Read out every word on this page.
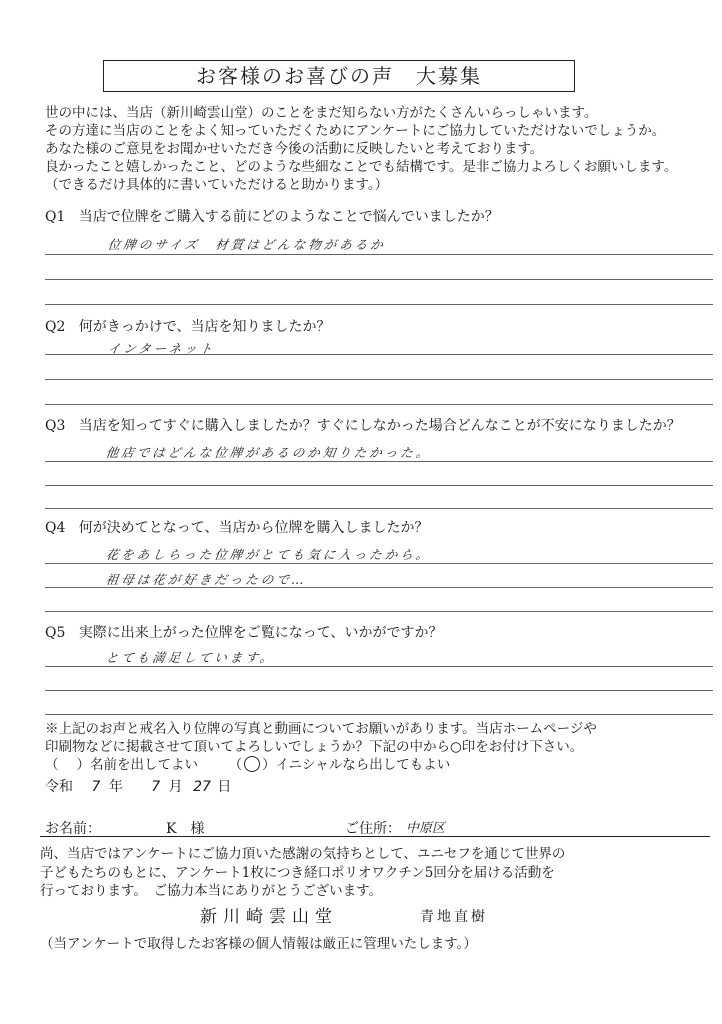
お客様のお喜びの声　大募集
世の中には、当店（新川崎雲山堂）のことをまだ知らない方がたくさんいらっしゃいます。
その方達に当店のことをよく知っていただくためにアンケートにご協力していただけないでしょうか。
あなた様のご意見をお聞かせいただき今後の活動に反映したいと考えております。
良かったこと嬉しかったこと、どのような些細なことでも結構です。是非ご協力よろしくお願いします。
（できるだけ具体的に書いていただけると助かります。）
Q1 当店で位牌をご購入する前にどのようなことで悩んでいましたか？
位牌のサイズ　材質はどんな物があるか
Q2 何がきっかけで、当店を知りましたか？
インターネット
Q3 当店を知ってすぐに購入しましたか？すぐにしなかった場合どんなことが不安になりましたか？
他店ではどんな位牌があるのか知りたかった。
Q4 何が決めてとなって、当店から位牌を購入しましたか？
花をあしらった位牌がとても気に入ったから。
祖母は花が好きだったので…
Q5 実際に出来上がった位牌をご覧になって、いかがですか？
とても満足しています。
※上記のお声と戒名入り位牌の写真と動画についてお願いがあります。当店ホームページや
印刷物などに掲載させて頂いてよろしいでしょうか？下記の中から○印をお付け下さい。
（ ）名前を出してよい （ ○ ）イニシャルなら出してもよい
令和 7 年 7 月 27 日
お名前：	K　様	ご住所： 中原区
尚、当店ではアンケートにご協力頂いた感謝の気持ちとして、ユニセフを通じて世界の
子どもたちのもとに、アンケート1枚につき経口ポリオワクチン5回分を届ける活動を
行っております。　ご協力本当にありがとうございます。
新川崎雲山堂	青地直樹
（当アンケートで取得したお客様の個人情報は厳正に管理いたします。）
